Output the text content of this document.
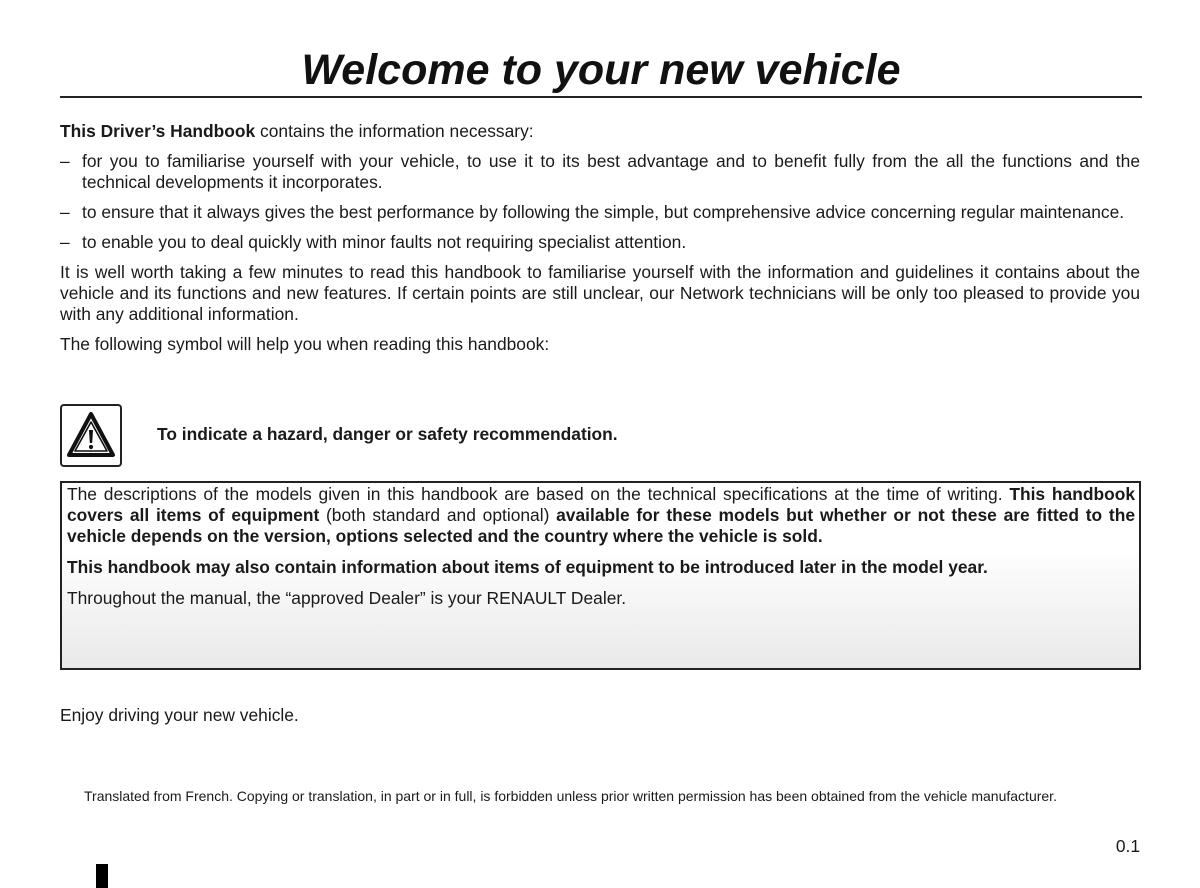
Welcome to your new vehicle

This Driver’s Handbook contains the information necessary:

– for you to familiarise yourself with your vehicle, to use it to its best advantage and to benefit fully from the all the functions and the technical developments it incorporates.
– to ensure that it always gives the best performance by following the simple, but comprehensive advice concerning regular maintenance.
– to enable you to deal quickly with minor faults not requiring specialist attention.

It is well worth taking a few minutes to read this handbook to familiarise yourself with the information and guidelines it contains about the vehicle and its functions and new features. If certain points are still unclear, our Network technicians will be only too pleased to provide you with any additional information.

The following symbol will help you when reading this handbook:

To indicate a hazard, danger or safety recommendation.

The descriptions of the models given in this handbook are based on the technical specifications at the time of writing. This handbook covers all items of equipment (both standard and optional) available for these models but whether or not these are fitted to the vehicle depends on the version, options selected and the country where the vehicle is sold.

This handbook may also contain information about items of equipment to be introduced later in the model year.

Throughout the manual, the “approved Dealer” is your RENAULT Dealer.

Enjoy driving your new vehicle.
Translated from French. Copying or translation, in part or in full, is forbidden unless prior written permission has been obtained from the vehicle manufacturer.
0.1
